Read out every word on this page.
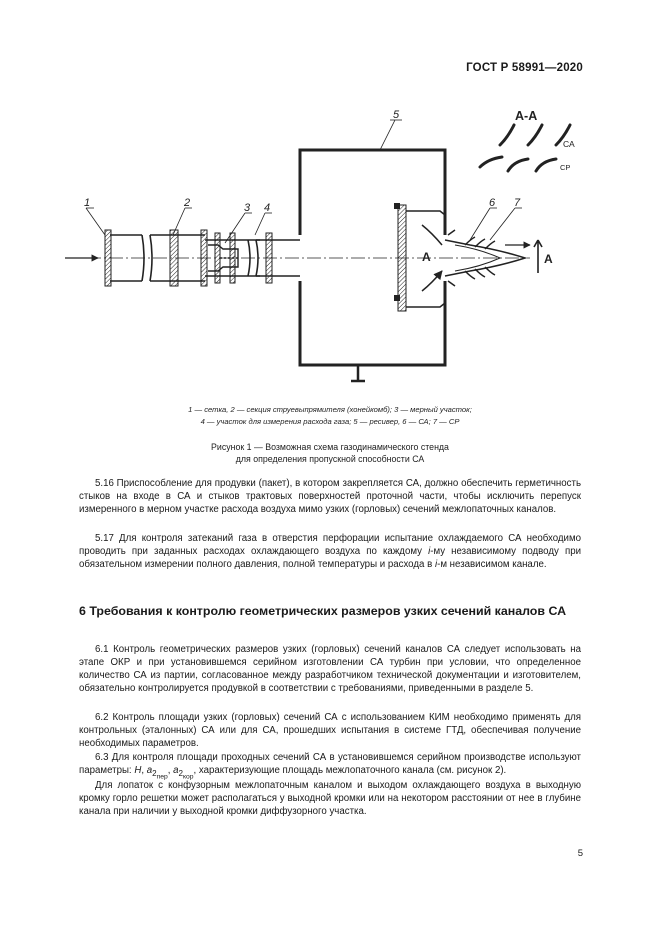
ГОСТ Р 58991—2020
А	А
А-А
СА
СР
1	2	3 4
5
6 7
1 — сетка, 2 — секция струевыпрямителя (хонейкомб); 3 — мерный участок;
4 — участок для измерения расхода газа; 5 — ресивер, 6 — СА; 7 — СР
Рисунок 1 — Возможная схема газодинамического стенда
для определения пропускной способности СА

5.16 Приспособление для продувки (пакет), в котором закрепляется СА, должно обеспечить герметичность стыков на входе в СА и стыков трактовых поверхностей проточной части, чтобы исключить перепуск измеренного в мерном участке расхода воздуха мимо узких (горловых) сечений межлопаточных каналов.

5.17 Для контроля затеканий газа в отверстия перфорации испытание охлаждаемого СА необходимо проводить при заданных расходах охлаждающего воздуха по каждому i-му независимому подводу при обязательном измерении полного давления, полной температуры и расхода в i-м независимом канале.

6 Требования к контролю геометрических размеров узких сечений каналов СА

6.1 Контроль геометрических размеров узких (горловых) сечений каналов СА следует использовать на этапе ОКР и при установившемся серийном изготовлении СА турбин при условии, что определенное количество СА из партии, согласованное между разработчиком технической документации и изготовителем, обязательно контролируется продувкой в соответствии с требованиями, приведенными в разделе 5.

6.2 Контроль площади узких (горловых) сечений СА с использованием КИМ необходимо применять для контрольных (эталонных) СА или для СА, прошедших испытания в системе ГТД, обеспечивая получение необходимых параметров.

6.3 Для контроля площади проходных сечений СА в установившемся серийном производстве используют параметры: H, $a_{2_{пер}}$, $a_{2_{кор}}$, характеризующие площадь межлопаточного канала (см. рисунок 2).

Для лопаток с конфузорным межлопаточным каналом и выходом охлаждающего воздуха в выходную кромку горло решетки может располагаться у выходной кромки или на некотором расстоянии от нее в глубине канала при наличии у выходной кромки диффузорного участка.

5
